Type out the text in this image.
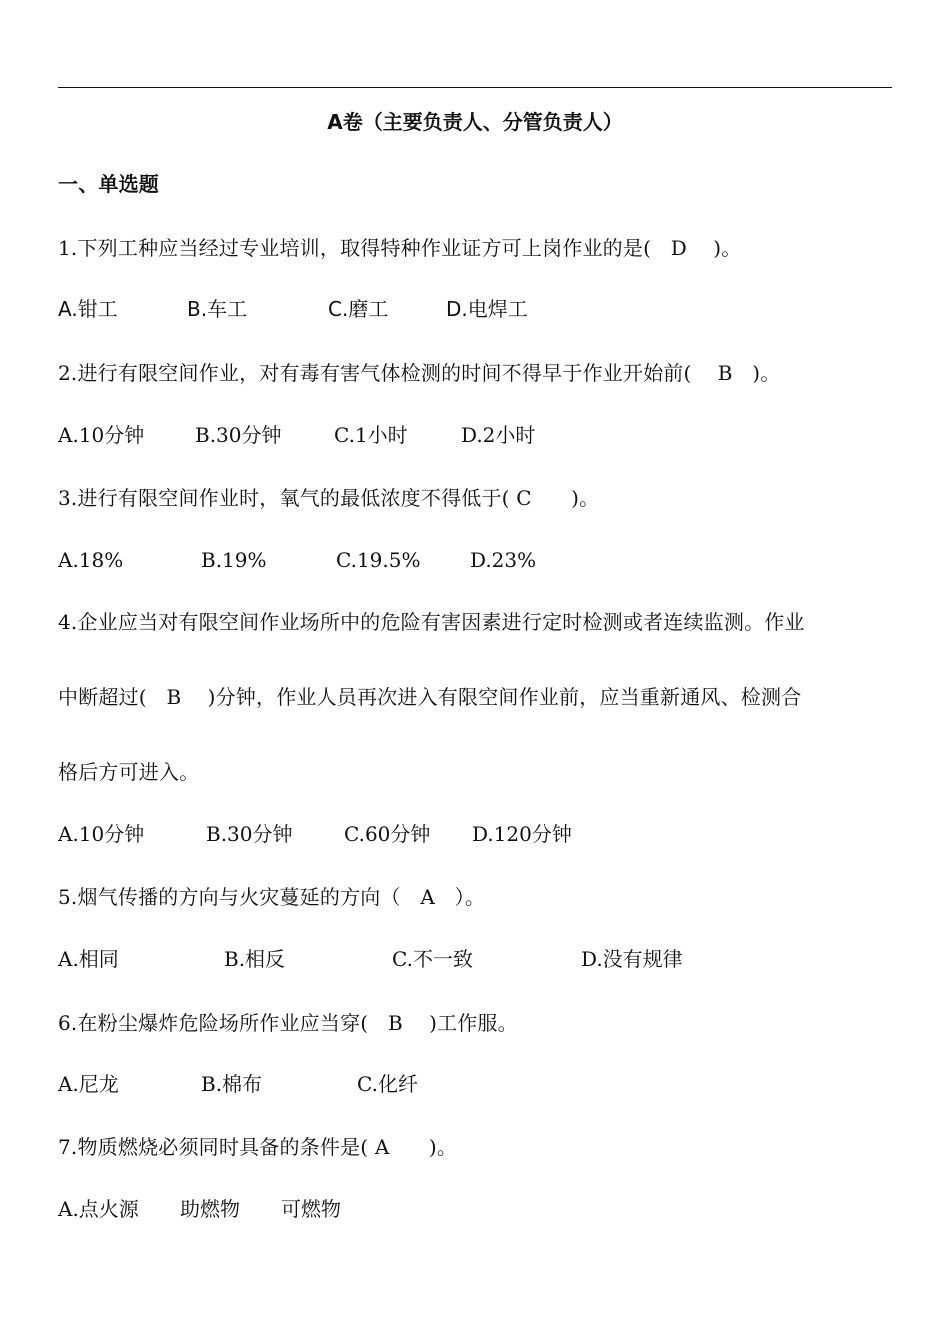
A卷（主要负责人、分管负责人）
一、单选题
1.下列工种应当经过专业培训，取得特种作业证方可上岗作业的是(   D    )。
A.钳工	B.车工	C.磨工	D.电焊工
2.进行有限空间作业，对有毒有害气体检测的时间不得早于作业开始前(    B   )。
A.10分钟	B.30分钟	C.1小时	D.2小时
3.进行有限空间作业时，氧气的最低浓度不得低于( C      )。
A.18%	B.19%	C.19.5% D.23%
4.企业应当对有限空间作业场所中的危险有害因素进行定时检测或者连续监测。作业
中断超过(   B    )分钟，作业人员再次进入有限空间作业前，应当重新通风、检测合
格后方可进入。
A.10分钟	B.30分钟	C.60分钟 D.120分钟
5.烟气传播的方向与火灾蔓延的方向（   A   ）。
A.相同	B.相反	C.不一致	D.没有规律
6.在粉尘爆炸危险场所作业应当穿(   B    )工作服。
A.尼龙	B.棉布	C.化纤
7.物质燃烧必须同时具备的条件是( A      )。
A.点火源 助燃物 可燃物
